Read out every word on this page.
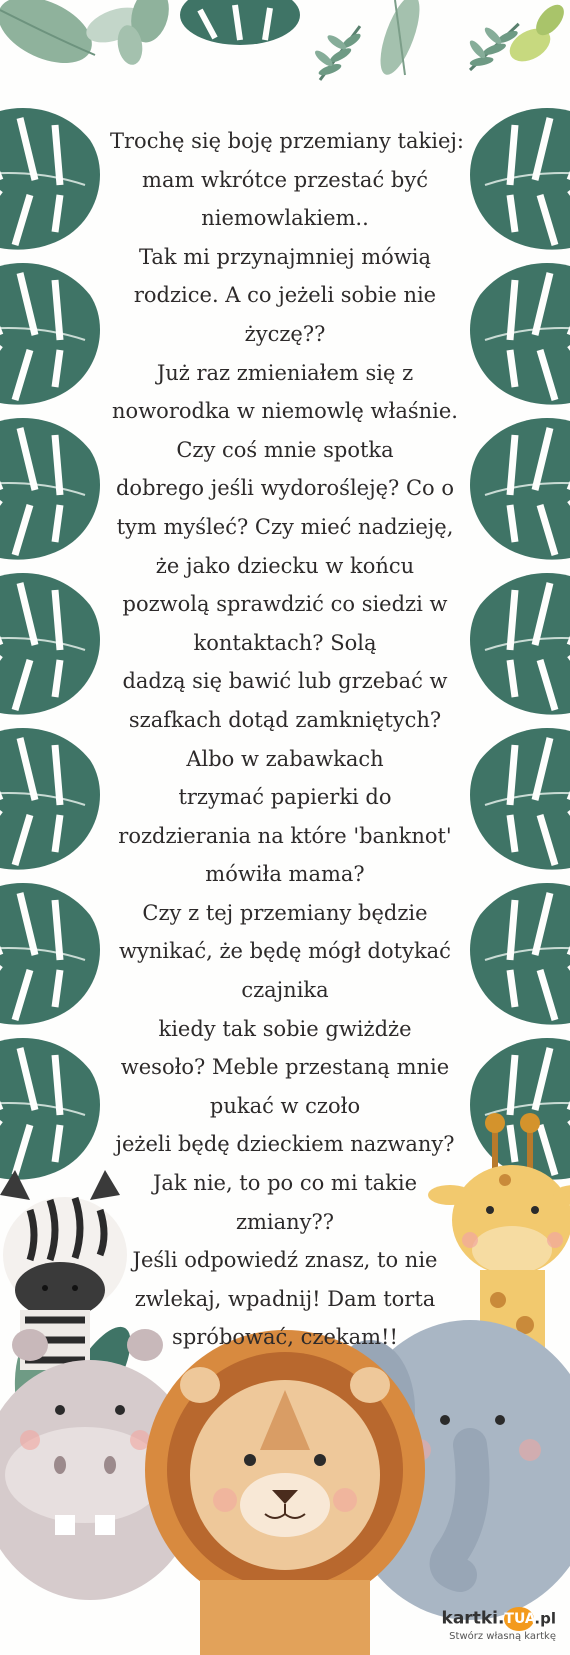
Trochę się boję przemiany takiej:
mam wkrótce przestać być
niemowlakiem..
Tak mi przynajmniej mówią
rodzice. A co jeżeli sobie nie
życzę??
Już raz zmieniałem się z
noworodka w niemowlę właśnie.
Czy coś mnie spotka
dobrego jeśli wydorośleję? Co o
tym myśleć? Czy mieć nadzieję,
że jako dziecku w końcu
pozwolą sprawdzić co siedzi w
kontaktach? Solą
dadzą się bawić lub grzebać w
szafkach dotąd zamkniętych?
Albo w zabawkach
trzymać papierki do
rozdzierania na które 'banknot'
mówiła mama?
Czy z tej przemiany będzie
wynikać, że będę mógł dotykać
czajnika
kiedy tak sobie gwiżdże
wesoło? Meble przestaną mnie
pukać w czoło
jeżeli będę dzieckiem nazwany?
Jak nie, to po co mi takie
zmiany??
Jeśli odpowiedź znasz, to nie
zwlekaj, wpadnij! Dam torta
spróbować, czekam!!
kartki.TUA.pl
Stwórz własną kartkę
